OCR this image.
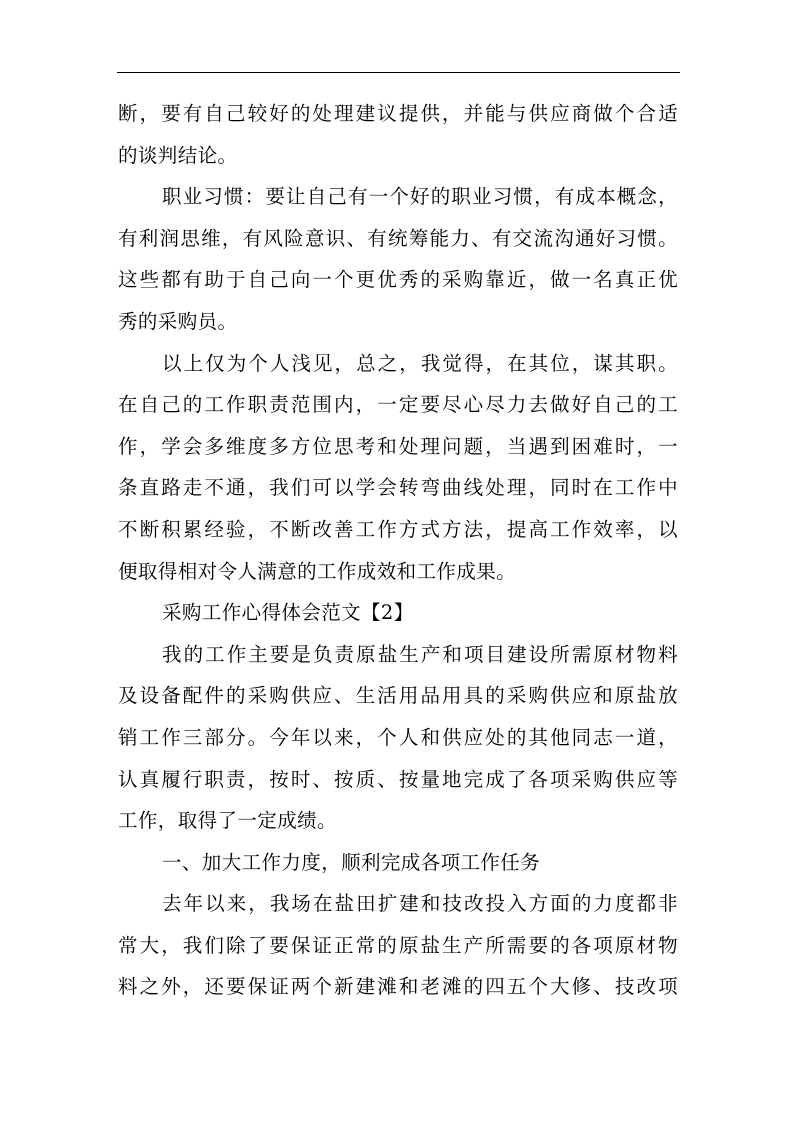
断，要有自己较好的处理建议提供，并能与供应商做个合适
的谈判结论。
职业习惯：要让自己有一个好的职业习惯，有成本概念，
有利润思维，有风险意识、有统筹能力、有交流沟通好习惯。
这些都有助于自己向一个更优秀的采购靠近，做一名真正优
秀的采购员。
以上仅为个人浅见，总之，我觉得，在其位，谋其职。
在自己的工作职责范围内，一定要尽心尽力去做好自己的工
作，学会多维度多方位思考和处理问题，当遇到困难时，一
条直路走不通，我们可以学会转弯曲线处理，同时在工作中
不断积累经验，不断改善工作方式方法，提高工作效率，以
便取得相对令人满意的工作成效和工作成果。
采购工作心得体会范文【2】
我的工作主要是负责原盐生产和项目建设所需原材物料
及设备配件的采购供应、生活用品用具的采购供应和原盐放
销工作三部分。今年以来，个人和供应处的其他同志一道，
认真履行职责，按时、按质、按量地完成了各项采购供应等
工作，取得了一定成绩。
一、加大工作力度，顺利完成各项工作任务
去年以来，我场在盐田扩建和技改投入方面的力度都非
常大，我们除了要保证正常的原盐生产所需要的各项原材物
料之外，还要保证两个新建滩和老滩的四五个大修、技改项
